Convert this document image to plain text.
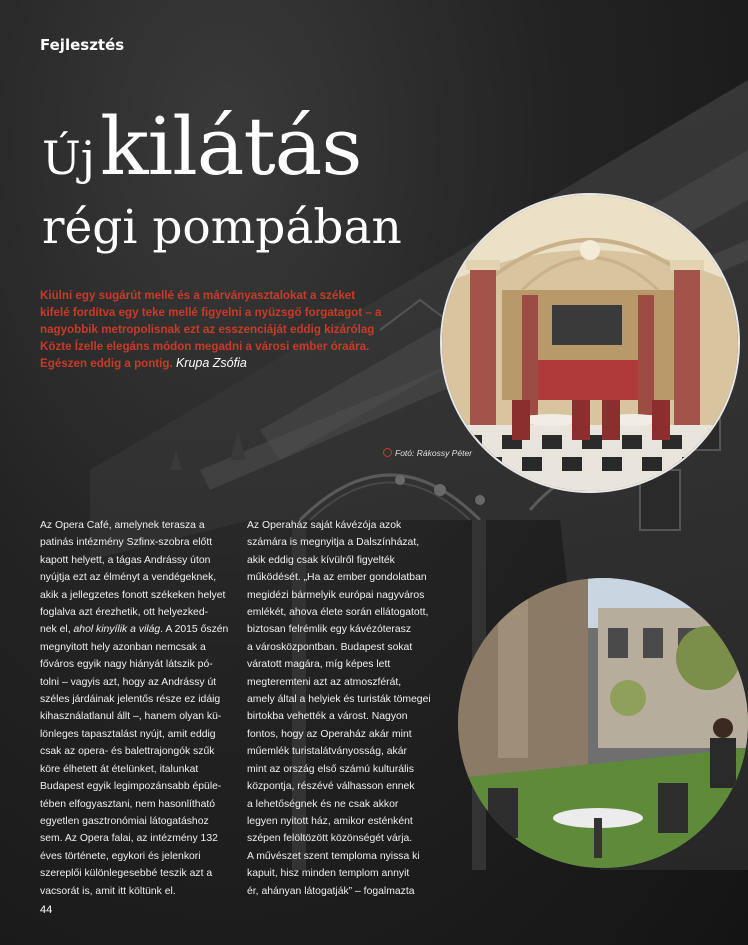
Fejlesztés
Új kilátás
régi pompában
Kiülni egy sugárút mellé és a márványasztalokat a széket kifelé fordítva egy teke mellé figyelni a nyüzsgő forgatagot – a nagyobbik metropolisnak ezt az esszenciáját eddig kizárólag Közte Ízelle elegáns módon megadni a városi ember óraára. Egészen eddig a pontig. Krupa Zsófia
Fotó: Rákossy Péter
Az Opera Café, amelynek terasza a
patinás intézmény Szfinx-szobra előtt
kapott helyett, a tágas Andrássy úton
nyújtja ezt az élményt a vendégeknek,
akik a jellegzetes fonott székeken helyet
foglalva azt érezhetik, ott helyezked-
nek el, ahol kinyílik a világ. A 2015 őszén
megnyitott hely azonban nemcsak a
főváros egyik nagy hiányát látszik pó-
tolni – vagyis azt, hogy az Andrássy út
széles járdáinak jelentős része ez idáig
kihasználatlanul állt –, hanem olyan kü-
lönleges tapasztalást nyújt, amit eddig
csak az opera- és balettrajongók szűk
köre élhetett át ételünket, italunkat
Budapest egyik legimpozánsabb épüle-
tében elfogyasztani, nem hasonlítható
egyetlen gasztronómiai látogatáshoz
sem. Az Opera falai, az intézmény 132
éves története, egykori és jelenkori
szereplői különlegesebbé teszik azt a
vacsorát is, amit itt költünk el.
Az Operaház saját kávézója azok
számára is megnyitja a Dalszínházat,
akik eddig csak kívülről figyelték
működését. „Ha az ember gondolatban
megidézi bármelyik európai nagyváros
emlékét, ahova élete során ellátogatott,
biztosan felrémlik egy kávézóterasz
a városközpontban. Budapest sokat
váratott magára, míg képes lett
megteremteni azt az atmoszférát,
amely által a helyiek és turisták tömegei
birtokba vehették a várost. Nagyon
fontos, hogy az Operaház akár mint
műemlék turistalátványosság, akár
mint az ország első számú kulturális
központja, részévé válhasson ennek
a lehetőségnek és ne csak akkor
legyen nyitott ház, amikor esténként
szépen felöltözött közönségét várja.
A művészet szent temploma nyissa ki
kapuit, hisz minden templom annyit
ér, ahányan látogatják” – fogalmazta
44
